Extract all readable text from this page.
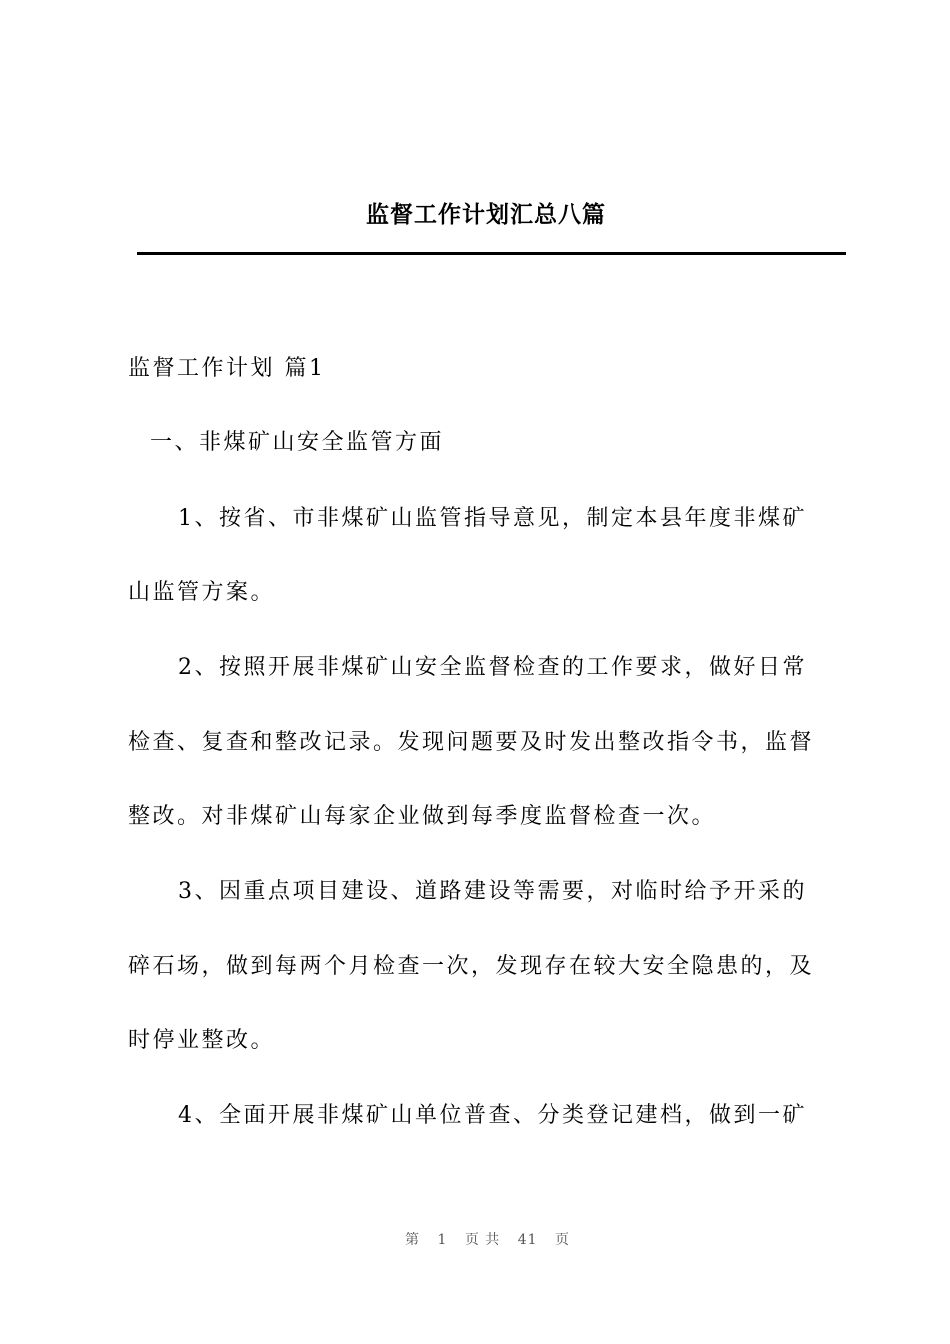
监督工作计划汇总八篇
监督工作计划 篇1
一、非煤矿山安全监管方面
1、按省、市非煤矿山监管指导意见，制定本县年度非煤矿
山监管方案。
2、按照开展非煤矿山安全监督检查的工作要求，做好日常
检查、复查和整改记录。发现问题要及时发出整改指令书，监督
整改。对非煤矿山每家企业做到每季度监督检查一次。
3、因重点项目建设、道路建设等需要，对临时给予开采的
碎石场，做到每两个月检查一次，发现存在较大安全隐患的，及
时停业整改。
4、全面开展非煤矿山单位普查、分类登记建档，做到一矿
第 1 页 共 41 页
